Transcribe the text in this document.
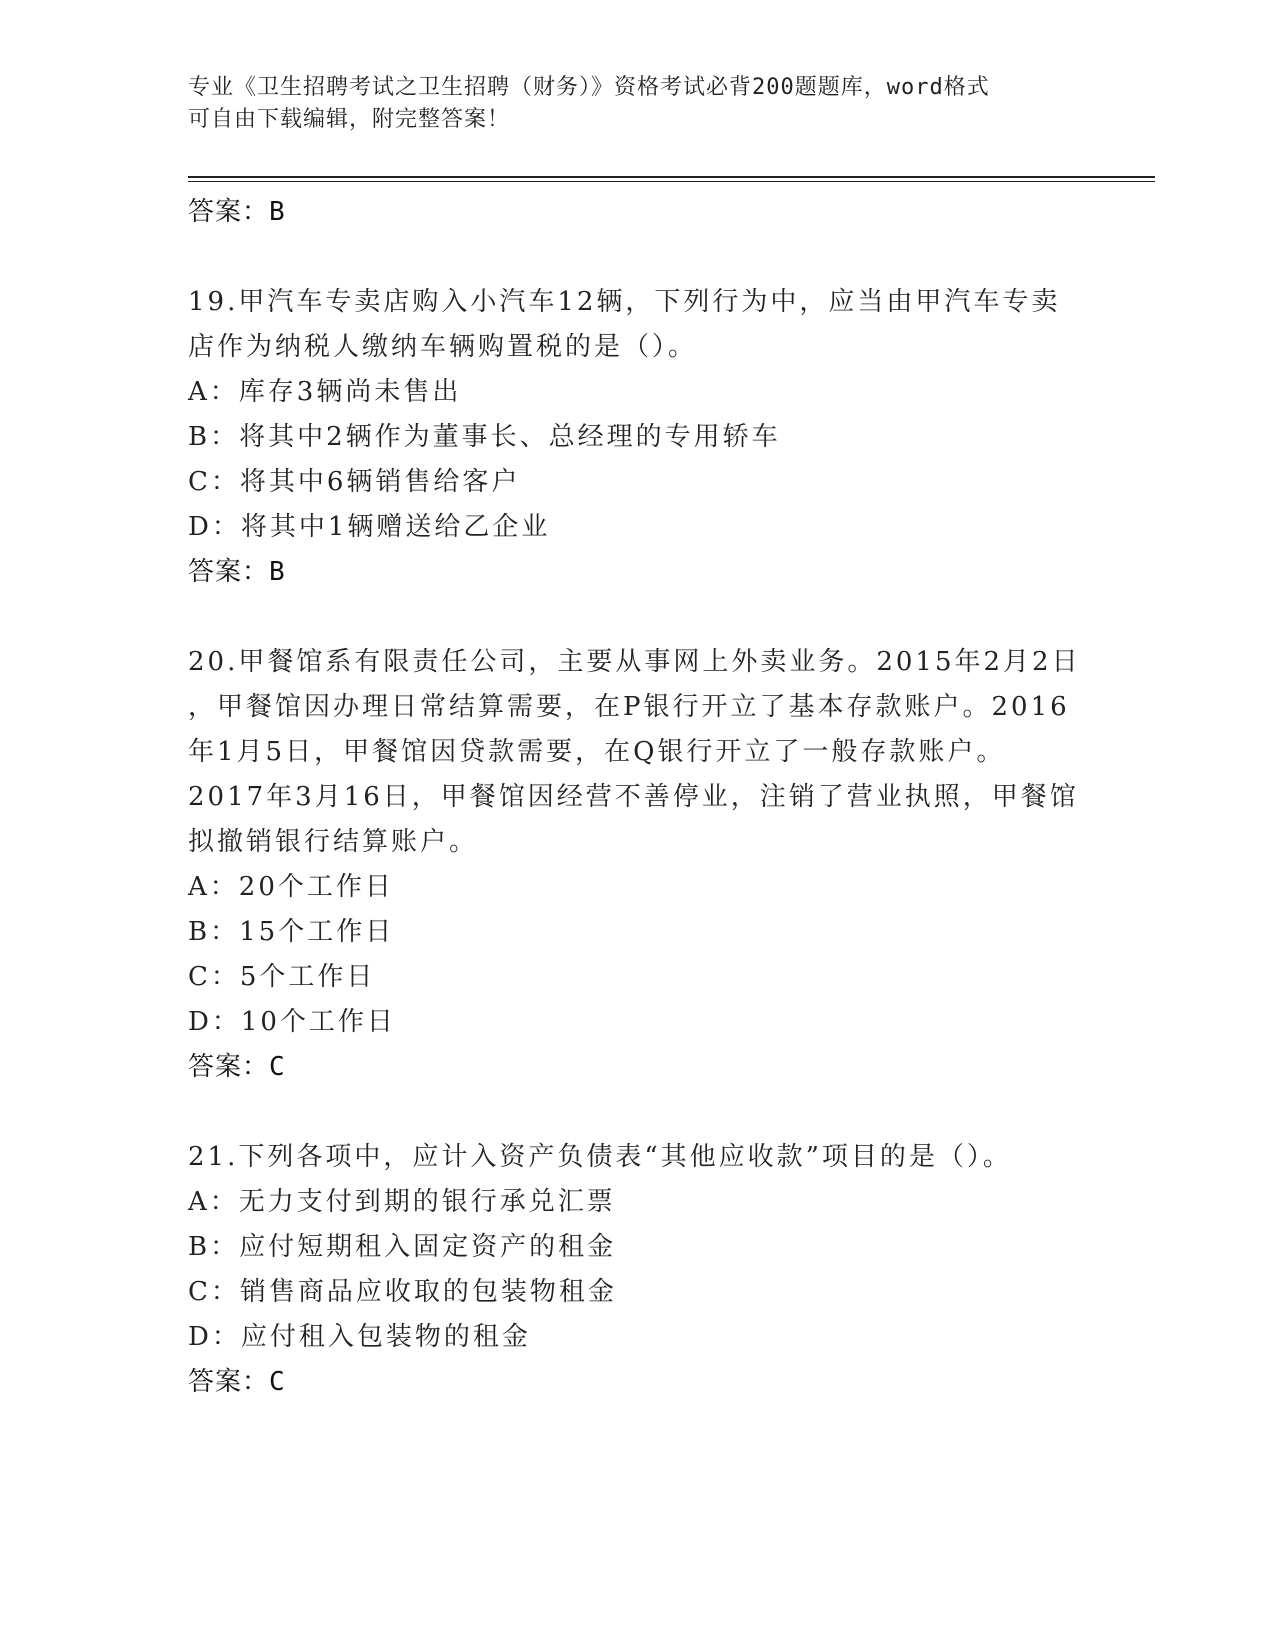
专业《卫生招聘考试之卫生招聘（财务）》资格考试必背200题题库，word格式
可自由下载编辑，附完整答案！
答案：B
19.甲汽车专卖店购入小汽车12辆，下列行为中，应当由甲汽车专卖
店作为纳税人缴纳车辆购置税的是（）。
A：库存3辆尚未售出
B：将其中2辆作为董事长、总经理的专用轿车
C：将其中6辆销售给客户
D：将其中1辆赠送给乙企业
答案：B
20.甲餐馆系有限责任公司，主要从事网上外卖业务。2015年2月2日
，甲餐馆因办理日常结算需要，在P银行开立了基本存款账户。2016
年1月5日，甲餐馆因贷款需要，在Q银行开立了一般存款账户。
2017年3月16日，甲餐馆因经营不善停业，注销了营业执照，甲餐馆
拟撤销银行结算账户。
A：20个工作日
B：15个工作日
C：5个工作日
D：10个工作日
答案：C
21.下列各项中，应计入资产负债表“其他应收款”项目的是（）。
A：无力支付到期的银行承兑汇票
B：应付短期租入固定资产的租金
C：销售商品应收取的包装物租金
D：应付租入包装物的租金
答案：C
